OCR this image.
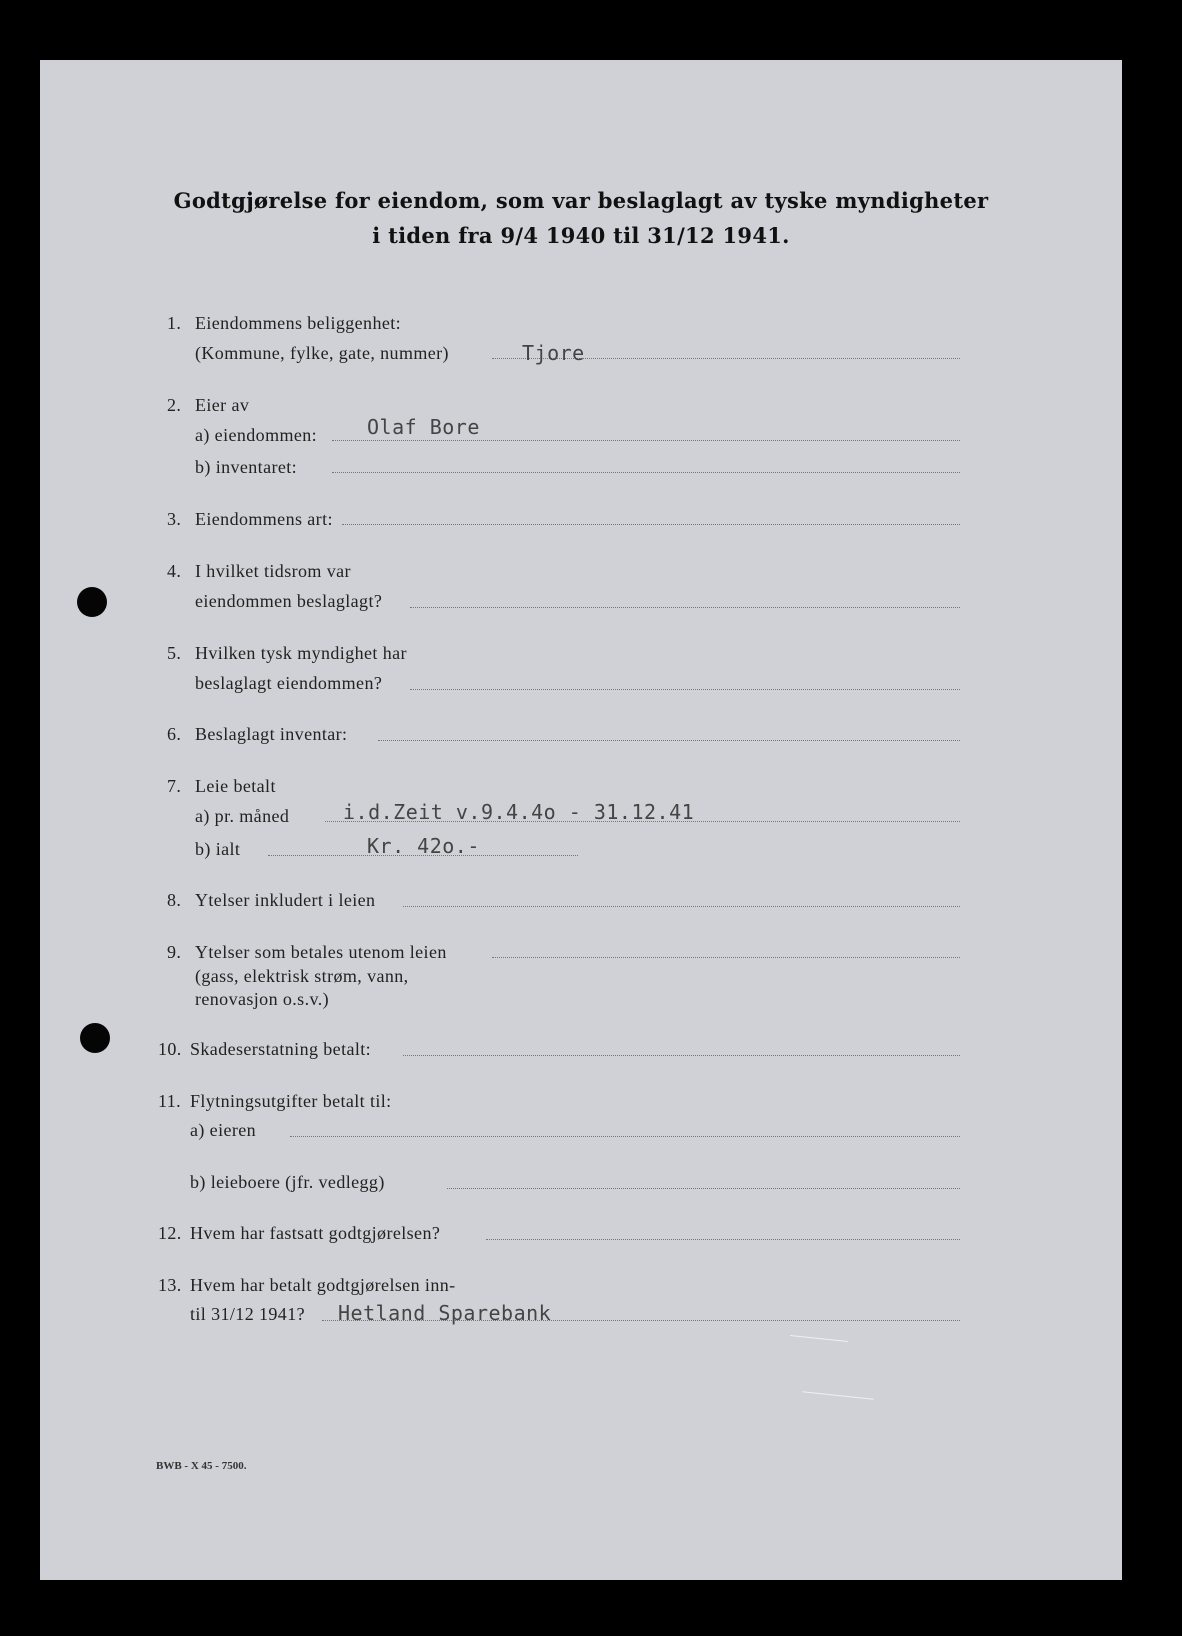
Godtgjørelse for eiendom, som var beslaglagt av tyske myndigheter
i tiden fra 9/4 1940 til 31/12 1941.
1. Eiendommens beliggenhet:
(Kommune, fylke, gate, nummer)	Tjore
2. Eier av
a) eiendommen: Olaf Bore
b) inventaret:
3. Eiendommens art:
4. I hvilket tidsrom var
eiendommen beslaglagt?
5. Hvilken tysk myndighet har
beslaglagt eiendommen?
6. Beslaglagt inventar:
7. Leie betalt
a) pr. måned	i.d.Zeit v.9.4.4o - 31.12.41
b) ialt	Kr. 42o.-
8. Ytelser inkludert i leien
9. Ytelser som betales utenom leien
(gass, elektrisk strøm, vann,
renovasjon o.s.v.)
10. Skadeserstatning betalt:
11. Flytningsutgifter betalt til:
a) eieren
b) leieboere (jfr. vedlegg)
12. Hvem har fastsatt godtgjørelsen?
13. Hvem har betalt godtgjørelsen inn-
til 31/12 1941? Hetland Sparebank
BWB - X 45 - 7500.
